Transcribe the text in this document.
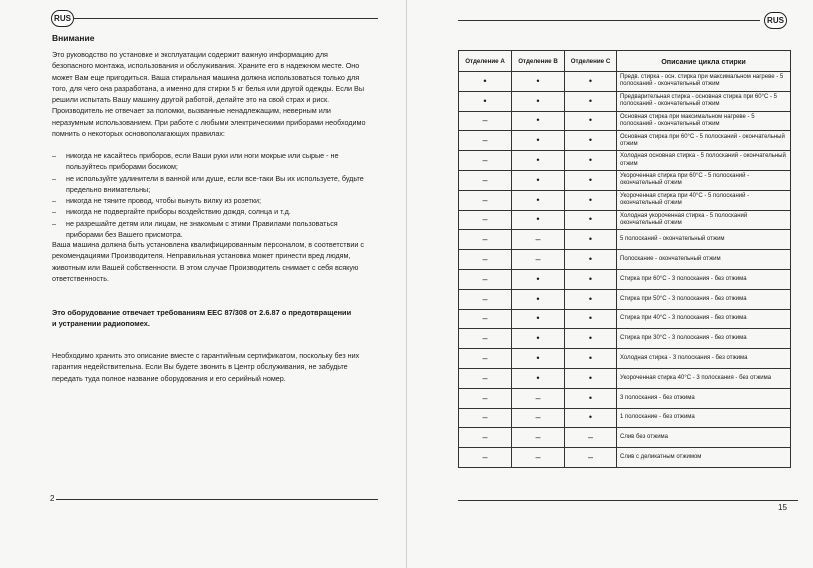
RUS
Внимание

Это руководство по установке и эксплуатации содержит важную информацию для безопасного монтажа, использования и обслуживания. Храните его в надежном месте. Оно может Вам еще пригодиться. Ваша стиральная машина должна использоваться только для того, для чего она разработана, а именно для стирки 5 кг белья или другой одежды. Если Вы решили испытать Вашу машину другой работой, делайте это на свой страх и риск. Производитель не отвечает за поломки, вызванные ненадлежащим, неверным или неразумным использованием. При работе с любыми электрическими приборами необходимо помнить о некоторых основополагающих правилах:

– никогда не касайтесь приборов, если Ваши руки или ноги мокрые или сырые - не пользуйтесь приборами босиком;
– не используйте удлинители в ванной или душе, если все-таки Вы их используете, будьте предельно внимательны;
– никогда не тяните провод, чтобы вынуть вилку из розетки;
– никогда не подвергайте приборы воздействию дождя, солнца и т.д.
– не разрешайте детям или лицам, не знакомым с этими Правилами пользоваться приборами без Вашего присмотра.

Ваша машина должна быть установлена квалифицированным персоналом, в соответствии с рекомендациями Производителя. Неправильная установка может принести вред людям, животным или Вашей собственности. В этом случае Производитель снимает с себя всякую ответственность.

Это оборудование отвечает требованиям ЕЕС 87/308 от 2.6.87 о предотвращении и устранении радиопомех.

Необходимо хранить это описание вместе с гарантийным сертификатом, поскольку без них гарантия недействительна. Если Вы будете звонить в Центр обслуживания, не забудьте передать туда полное название оборудования и его серийный номер.

2
RUS
15
Отделение A	Отделение B	Отделение C	Описание цикла стирки
•	•	•	Предв. стирка - осн. стирка при максимальном нагреве - 5 полосканий - окончательный отжим
•	•	•	Предварительная стирка - основная стирка при 60°С - 5 полосканий - окончательный отжим
–	•	•	Основная стирка при максимальном нагреве - 5 полосканий - окончательный отжим
–	•	•	Основная стирка при 60°С - 5 полосканий - окончательный отжим
–	•	•	Холодная основная стирка - 5 полосканий - окончательный отжим
–	•	•	Укороченная стирка при 60°С - 5 полосканий - окончательный отжим
–	•	•	Укороченная стирка при 40°С - 5 полосканий - окончательный отжим
–	•	•	Холодная укороченная стирка - 5 полосканий окончательный отжим
–	–	•	5 полосканий - окончательный отжим
–	–	•	Полоскание - окончательный отжим
–	•	•	Стирка при 60°С - 3 полоскания - без отжима
–	•	•	Стирка при 50°С - 3 полоскания - без отжима
–	•	•	Стирка при 40°С - 3 полоскания - без отжима
–	•	•	Стирка при 30°С - 3 полоскания - без отжима
–	•	•	Холодная стирка - 3 полоскания - без отжима
–	•	•	Укороченная стирка 40°С - 3 полоскания - без отжима
–	–	•	3 полоскания - без отжима
–	–	•	1 полоскание - без отжима
–	–	–	Слив без отжима
–	–	–	Слив с деликатным отжимом
